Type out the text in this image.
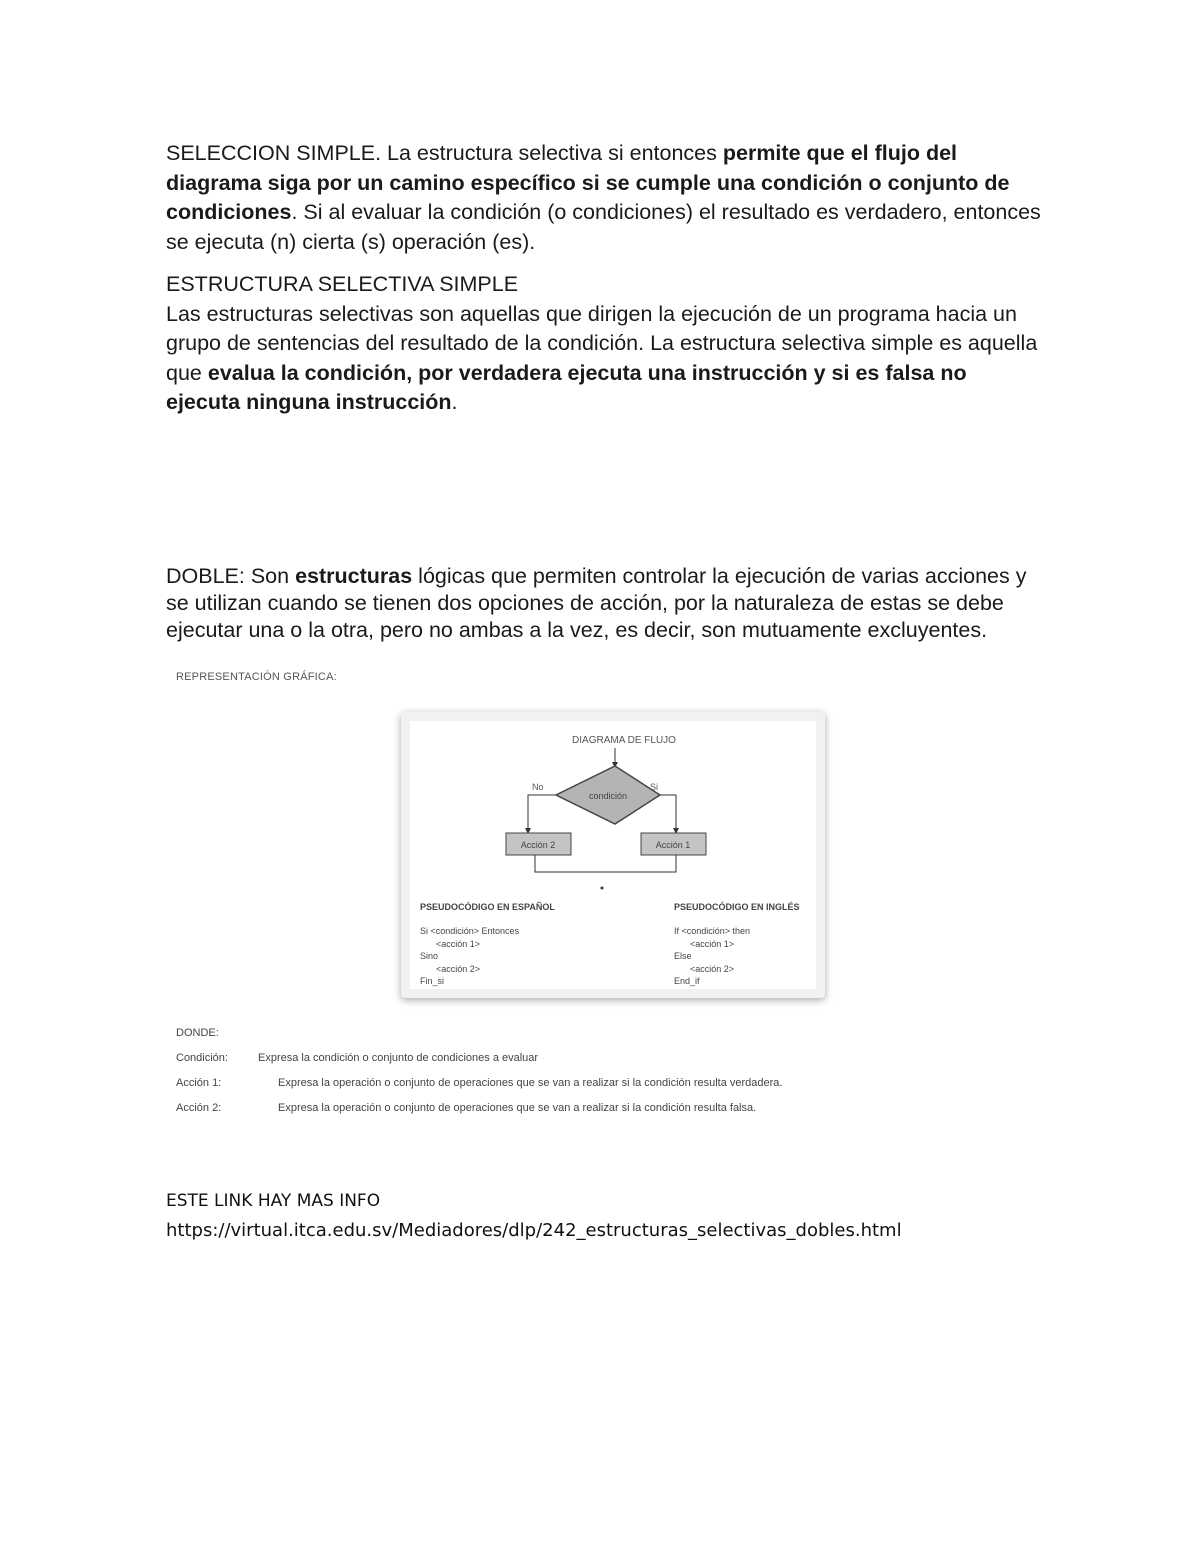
SELECCION SIMPLE. La estructura selectiva si entonces permite que el flujo del diagrama siga por un camino específico si se cumple una condición o conjunto de condiciones. Si al evaluar la condición (o condiciones) el resultado es verdadero, entonces se ejecuta (n) cierta (s) operación (es).

ESTRUCTURA SELECTIVA SIMPLE
Las estructuras selectivas son aquellas que dirigen la ejecución de un programa hacia un grupo de sentencias del resultado de la condición. La estructura selectiva simple es aquella que evalua la condición, por verdadera ejecuta una instrucción y si es falsa no ejecuta ninguna instrucción.

DOBLE: Son estructuras lógicas que permiten controlar la ejecución de varias acciones y se utilizan cuando se tienen dos opciones de acción, por la naturaleza de estas se debe ejecutar una o la otra, pero no ambas a la vez, es decir, son mutuamente excluyentes.

REPRESENTACIÓN GRÁFICA:
DIAGRAMA DE FLUJO
condición
No	Si
Acción 2	Acción 1
PSEUDOCÓDIGO EN ESPAÑOL
Si <condición> Entonces
<acción 1>
Sino
<acción 2>
Fin_si
PSEUDOCÓDIGO EN INGLÉS
If <condición> then
<acción 1>
Else
<acción 2>
End_if
DONDE:
Condición:	Expresa la condición o conjunto de condiciones a evaluar
Acción 1:	Expresa la operación o conjunto de operaciones que se van a realizar si la condición resulta verdadera.
Acción 2:	Expresa la operación o conjunto de operaciones que se van a realizar si la condición resulta falsa.
ESTE LINK HAY MAS INFO
https://virtual.itca.edu.sv/Mediadores/dlp/242_estructuras_selectivas_dobles.html
